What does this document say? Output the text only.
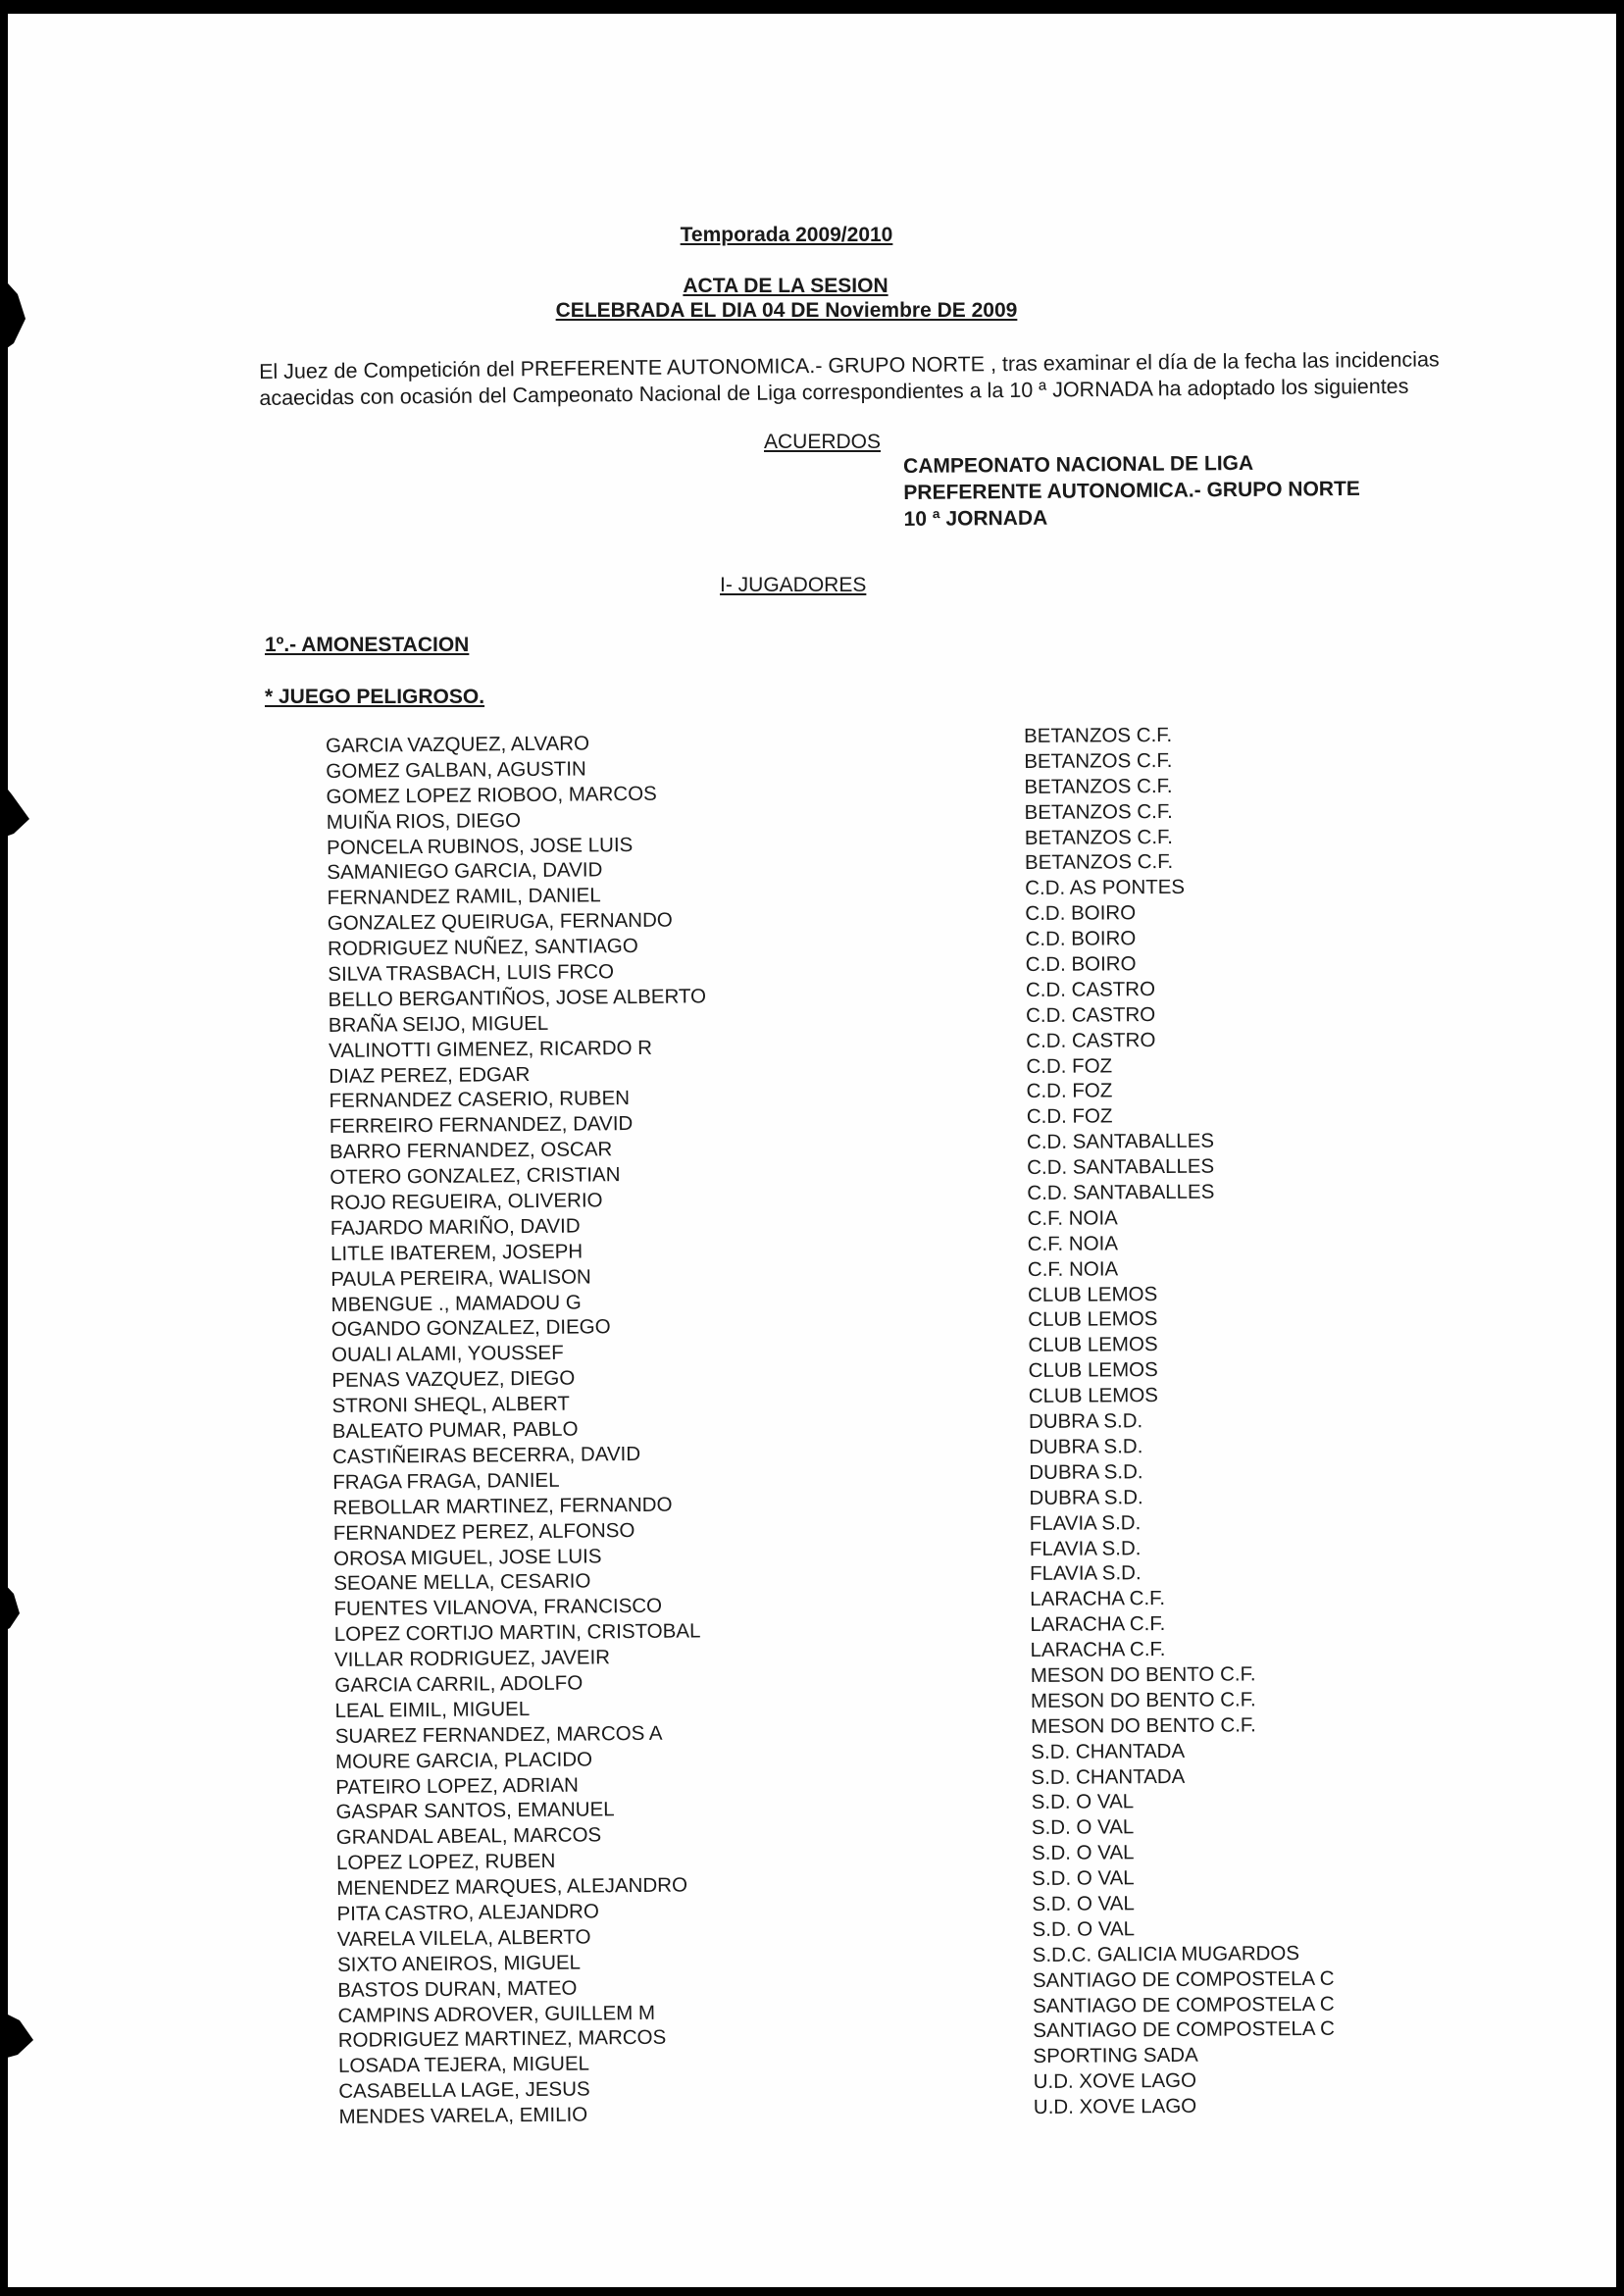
Temporada 2009/2010
ACTA DE LA SESION
CELEBRADA EL DIA 04 DE Noviembre DE 2009
El Juez de Competición del PREFERENTE AUTONOMICA.- GRUPO NORTE , tras examinar el día de la fecha las incidencias
acaecidas con ocasión del Campeonato Nacional de Liga correspondientes a la 10 ª JORNADA ha adoptado los siguientes
ACUERDOS
CAMPEONATO NACIONAL DE LIGA
PREFERENTE AUTONOMICA.- GRUPO NORTE
10 ª JORNADA
I- JUGADORES
1º.- AMONESTACION
* JUEGO PELIGROSO.
GARCIA VAZQUEZ, ALVARO
GOMEZ GALBAN, AGUSTIN
GOMEZ LOPEZ RIOBOO, MARCOS
MUIÑA RIOS, DIEGO
PONCELA RUBINOS, JOSE LUIS
SAMANIEGO GARCIA, DAVID
FERNANDEZ RAMIL, DANIEL
GONZALEZ QUEIRUGA, FERNANDO
RODRIGUEZ NUÑEZ, SANTIAGO
SILVA TRASBACH, LUIS FRCO
BELLO BERGANTIÑOS, JOSE ALBERTO
BRAÑA SEIJO, MIGUEL
VALINOTTI GIMENEZ, RICARDO R
DIAZ PEREZ, EDGAR
FERNANDEZ CASERIO, RUBEN
FERREIRO FERNANDEZ, DAVID
BARRO FERNANDEZ, OSCAR
OTERO GONZALEZ, CRISTIAN
ROJO REGUEIRA, OLIVERIO
FAJARDO MARIÑO, DAVID
LITLE IBATEREM, JOSEPH
PAULA PEREIRA, WALISON
MBENGUE ., MAMADOU G
OGANDO GONZALEZ, DIEGO
OUALI ALAMI, YOUSSEF
PENAS VAZQUEZ, DIEGO
STRONI SHEQL, ALBERT
BALEATO PUMAR, PABLO
CASTIÑEIRAS BECERRA, DAVID
FRAGA FRAGA, DANIEL
REBOLLAR MARTINEZ, FERNANDO
FERNANDEZ PEREZ, ALFONSO
OROSA MIGUEL, JOSE LUIS
SEOANE MELLA, CESARIO
FUENTES VILANOVA, FRANCISCO
LOPEZ CORTIJO MARTIN, CRISTOBAL
VILLAR RODRIGUEZ, JAVEIR
GARCIA CARRIL, ADOLFO
LEAL EIMIL, MIGUEL
SUAREZ FERNANDEZ, MARCOS A
MOURE GARCIA, PLACIDO
PATEIRO LOPEZ, ADRIAN
GASPAR SANTOS, EMANUEL
GRANDAL ABEAL, MARCOS
LOPEZ LOPEZ, RUBEN
MENENDEZ MARQUES, ALEJANDRO
PITA CASTRO, ALEJANDRO
VARELA VILELA, ALBERTO
SIXTO ANEIROS, MIGUEL
BASTOS DURAN, MATEO
CAMPINS ADROVER, GUILLEM M
RODRIGUEZ MARTINEZ, MARCOS
LOSADA TEJERA, MIGUEL
CASABELLA LAGE, JESUS
MENDES VARELA, EMILIO
BETANZOS C.F.
BETANZOS C.F.
BETANZOS C.F.
BETANZOS C.F.
BETANZOS C.F.
BETANZOS C.F.
C.D. AS PONTES
C.D. BOIRO
C.D. BOIRO
C.D. BOIRO
C.D. CASTRO
C.D. CASTRO
C.D. CASTRO
C.D. FOZ
C.D. FOZ
C.D. FOZ
C.D. SANTABALLES
C.D. SANTABALLES
C.D. SANTABALLES
C.F. NOIA
C.F. NOIA
C.F. NOIA
CLUB LEMOS
CLUB LEMOS
CLUB LEMOS
CLUB LEMOS
CLUB LEMOS
DUBRA S.D.
DUBRA S.D.
DUBRA S.D.
DUBRA S.D.
FLAVIA S.D.
FLAVIA S.D.
FLAVIA S.D.
LARACHA C.F.
LARACHA C.F.
LARACHA C.F.
MESON DO BENTO C.F.
MESON DO BENTO C.F.
MESON DO BENTO C.F.
S.D. CHANTADA
S.D. CHANTADA
S.D. O VAL
S.D. O VAL
S.D. O VAL
S.D. O VAL
S.D. O VAL
S.D. O VAL
S.D.C. GALICIA MUGARDOS
SANTIAGO DE COMPOSTELA C
SANTIAGO DE COMPOSTELA C
SANTIAGO DE COMPOSTELA C
SPORTING SADA
U.D. XOVE LAGO
U.D. XOVE LAGO
